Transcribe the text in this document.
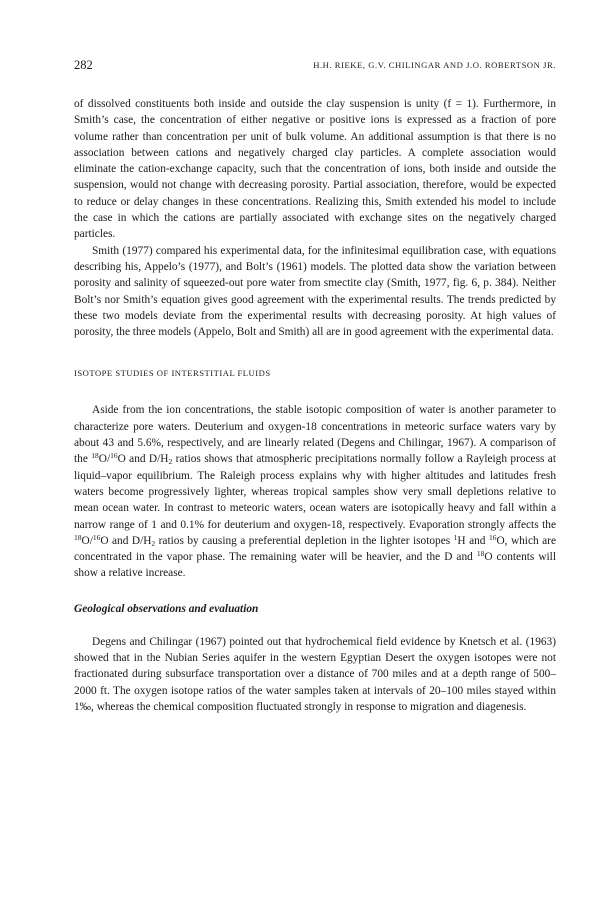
282	H.H. RIEKE, G.V. CHILINGAR AND J.O. ROBERTSON JR.

of dissolved constituents both inside and outside the clay suspension is unity (f = 1). Furthermore, in Smith’s case, the concentration of either negative or positive ions is expressed as a fraction of pore volume rather than concentration per unit of bulk volume. An additional assumption is that there is no association between cations and negatively charged clay particles. A complete association would eliminate the cation-exchange capacity, such that the concentration of ions, both inside and outside the suspension, would not change with decreasing porosity. Partial association, therefore, would be expected to reduce or delay changes in these concentrations. Realizing this, Smith extended his model to include the case in which the cations are partially associated with exchange sites on the negatively charged particles.

Smith (1977) compared his experimental data, for the infinitesimal equilibration case, with equations describing his, Appelo’s (1977), and Bolt’s (1961) models. The plotted data show the variation between porosity and salinity of squeezed-out pore water from smectite clay (Smith, 1977, fig. 6, p. 384). Neither Bolt’s nor Smith’s equation gives good agreement with the experimental results. The trends predicted by these two models deviate from the experimental results with decreasing porosity. At high values of porosity, the three models (Appelo, Bolt and Smith) all are in good agreement with the experimental data.

ISOTOPE STUDIES OF INTERSTITIAL FLUIDS

Aside from the ion concentrations, the stable isotopic composition of water is another parameter to characterize pore waters. Deuterium and oxygen-18 concentrations in meteoric surface waters vary by about 43 and 5.6%, respectively, and are linearly related (Degens and Chilingar, 1967). A comparison of the $^{18}$O/$^{16}$O and $D/H_2$ ratios shows that atmospheric precipitations normally follow a Rayleigh process at liquid–vapor equilibrium. The Raleigh process explains why with higher altitudes and latitudes fresh waters become progressively lighter, whereas tropical samples show very small depletions relative to mean ocean water. In contrast to meteoric waters, ocean waters are isotopically heavy and fall within a narrow range of 1 and 0.1% for deuterium and oxygen-18, respectively. Evaporation strongly affects the $^{18}$O/$^{16}$O and $D/H_2$ ratios by causing a preferential depletion in the lighter isotopes $^1$H and $^{16}$O, which are concentrated in the vapor phase. The remaining water will be heavier, and the D and $^{18}$O contents will show a relative increase.

Geological observations and evaluation

Degens and Chilingar (1967) pointed out that hydrochemical field evidence by Knetsch et al. (1963) showed that in the Nubian Series aquifer in the western Egyptian Desert the oxygen isotopes were not fractionated during subsurface transportation over a distance of 700 miles and at a depth range of 500–2000 ft. The oxygen isotope ratios of the water samples taken at intervals of 20–100 miles stayed within 1‰, whereas the chemical composition fluctuated strongly in response to migration and diagenesis.
